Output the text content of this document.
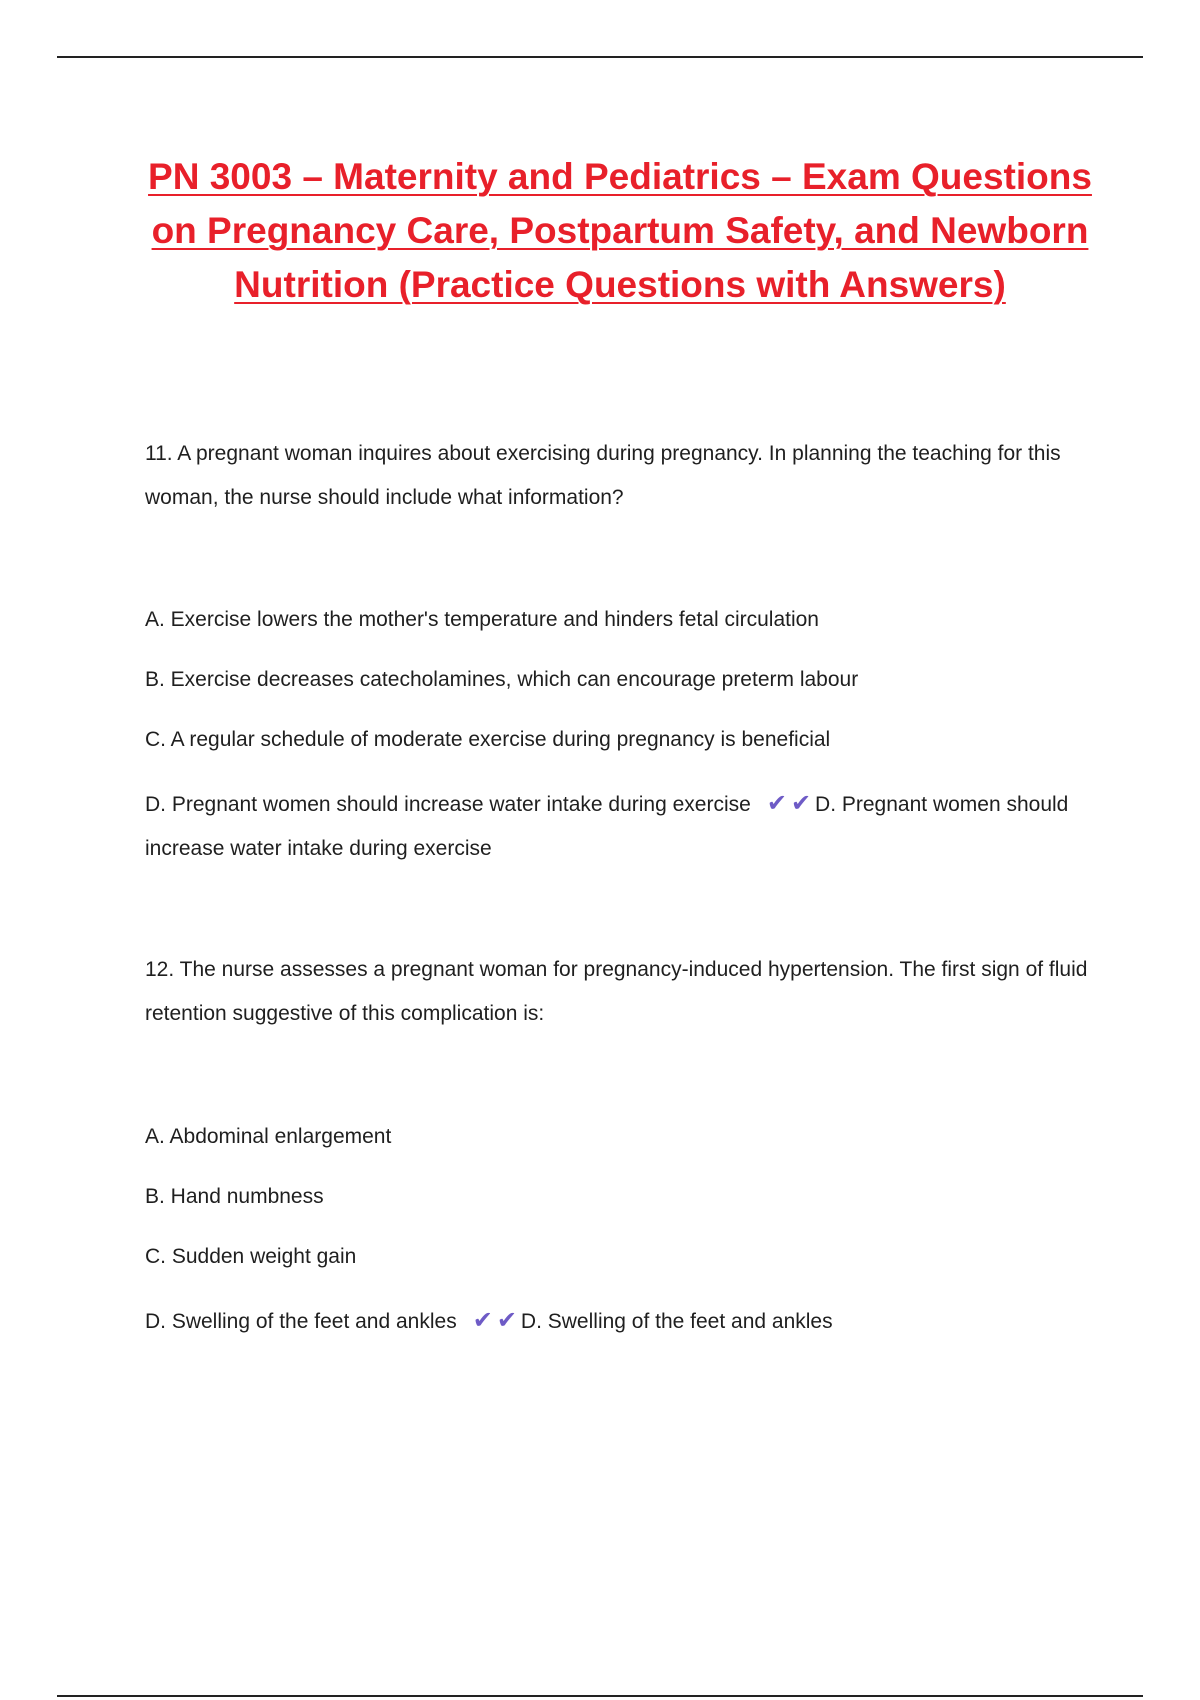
PN 3003 – Maternity and Pediatrics – Exam Questions on Pregnancy Care, Postpartum Safety, and Newborn Nutrition (Practice Questions with Answers)

11. A pregnant woman inquires about exercising during pregnancy. In planning the teaching for this woman, the nurse should include what information?

A. Exercise lowers the mother's temperature and hinders fetal circulation

B. Exercise decreases catecholamines, which can encourage preterm labour

C. A regular schedule of moderate exercise during pregnancy is beneficial

D. Pregnant women should increase water intake during exercise ✔ ✔ D. Pregnant women should increase water intake during exercise

12. The nurse assesses a pregnant woman for pregnancy-induced hypertension. The first sign of fluid retention suggestive of this complication is:

A. Abdominal enlargement

B. Hand numbness

C. Sudden weight gain

D. Swelling of the feet and ankles ✔ ✔ D. Swelling of the feet and ankles
